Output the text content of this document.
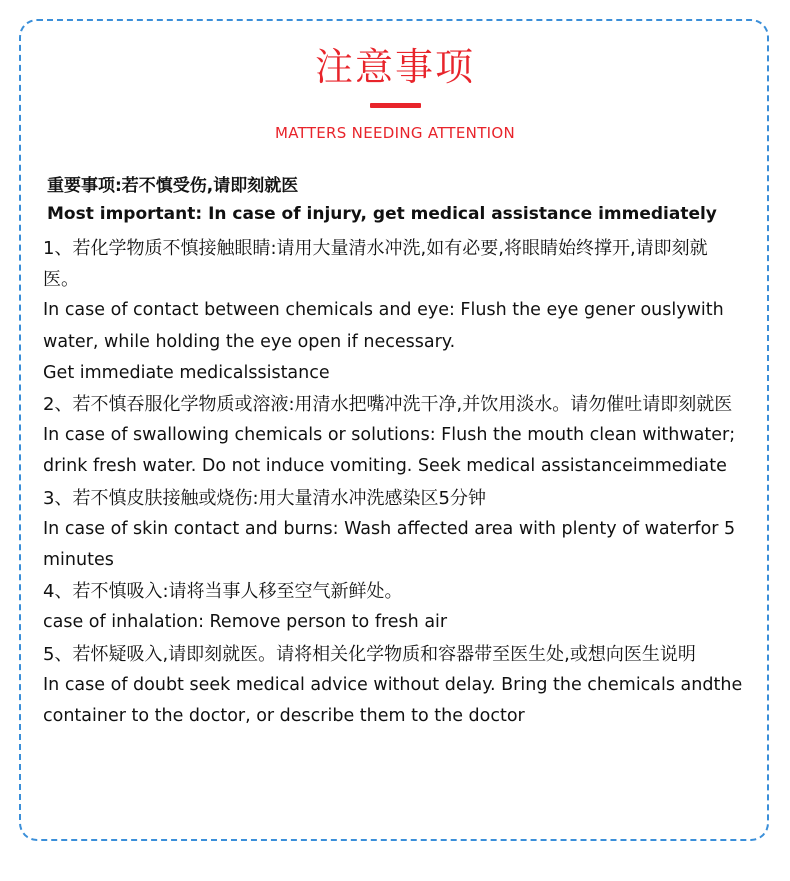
注意事项
MATTERS NEEDING ATTENTION
重要事项:若不慎受伤,请即刻就医
Most important: In case of injury, get medical assistance immediately
1、若化学物质不慎接触眼睛:请用大量清水冲洗,如有必要,将眼睛始终撑开,请即刻就医。
In case of contact between chemicals and eye: Flush the eye gener ouslywith water, while holding the eye open if necessary.
Get immediate medicalssistance
2、若不慎吞服化学物质或溶液:用清水把嘴冲洗干净,并饮用淡水。请勿催吐请即刻就医
In case of swallowing chemicals or solutions: Flush the mouth clean withwater; drink fresh water. Do not induce vomiting. Seek medical assistanceimmediate
3、若不慎皮肤接触或烧伤:用大量清水冲洗感染区5分钟
In case of skin contact and burns: Wash affected area with plenty of waterfor 5 minutes
4、若不慎吸入:请将当事人移至空气新鲜处。
case of inhalation: Remove person to fresh air
5、若怀疑吸入,请即刻就医。请将相关化学物质和容器带至医生处,或想向医生说明
In case of doubt seek medical advice without delay. Bring the chemicals andthe container to the doctor, or describe them to the doctor
